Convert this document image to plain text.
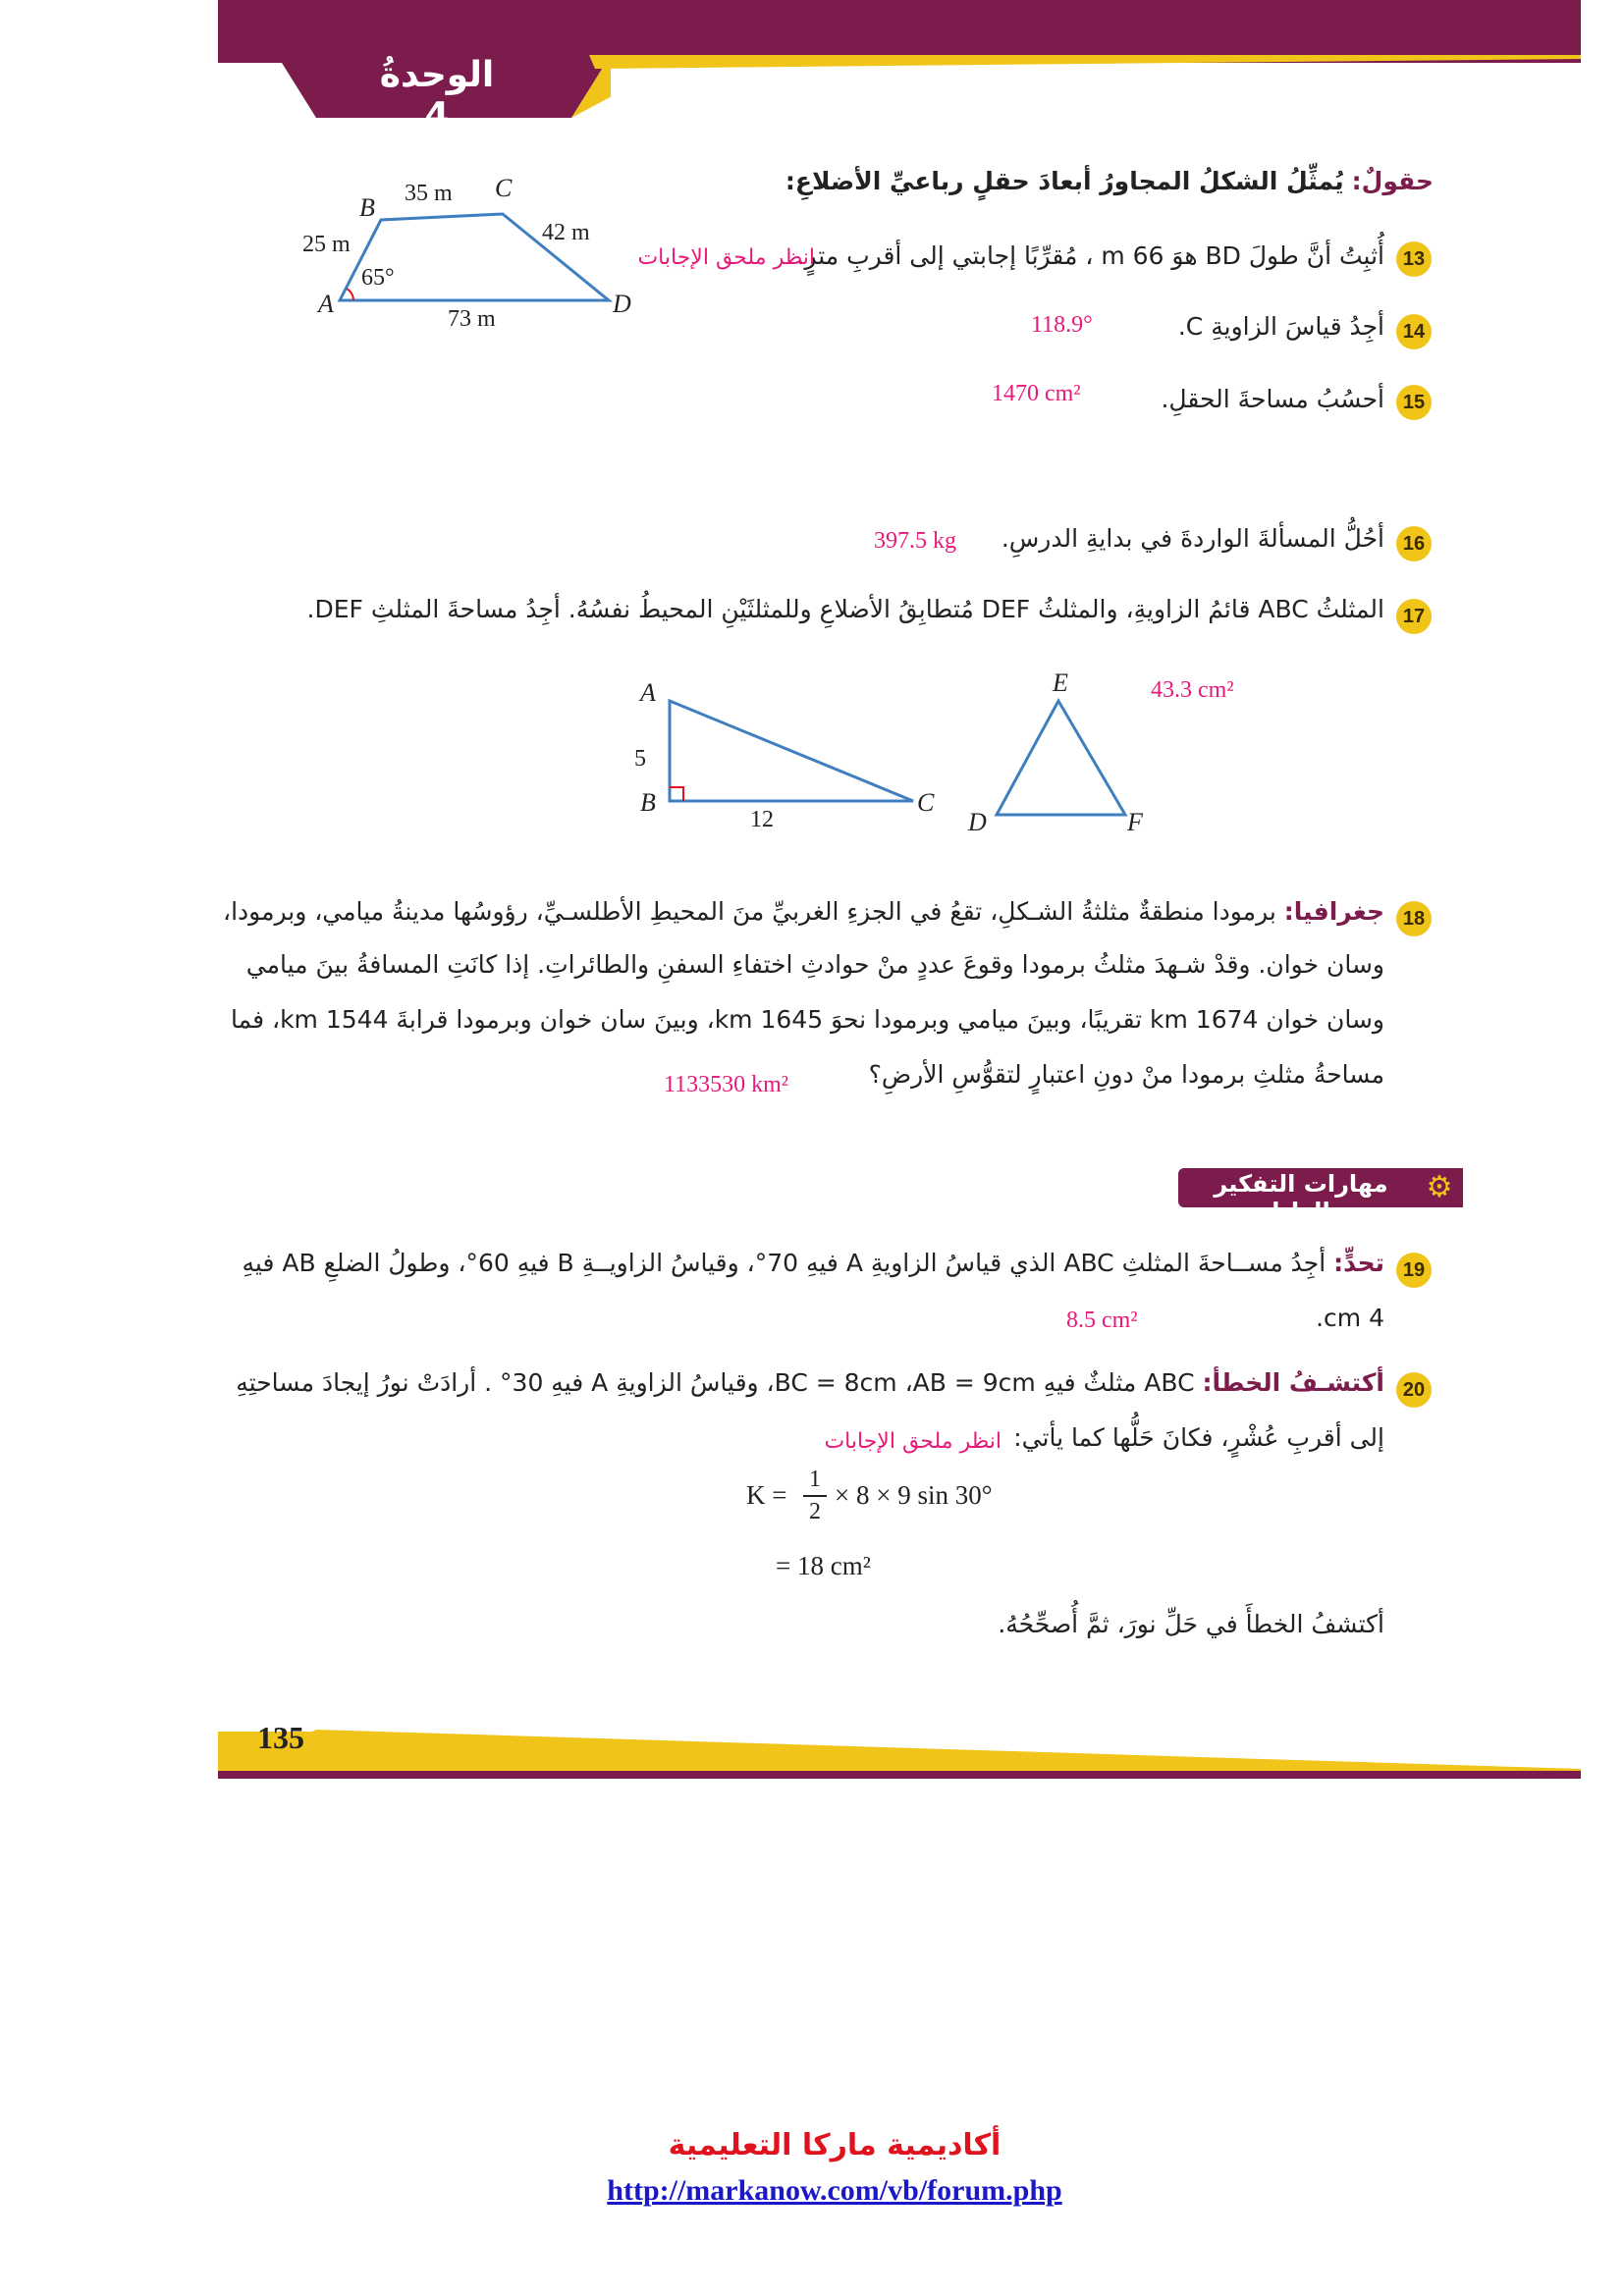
الوحدةُ 4
حقولٌ: يُمثِّلُ الشكلُ المجاورُ أبعادَ حقلٍ رباعيِّ الأضلاعِ:
A
B
C
D
35 m
25 m	42 m
73 m
65°
13
أُثبِتُ أنَّ طولَ BD هوَ 66 m ، مُقرِّبًا إجابتي إلى أقربِ مترٍ.
انظر ملحق الإجابات
14
أجِدُ قياسَ الزاويةِ C.
118.9°
15
أحسُبُ مساحةَ الحقلِ.
1470 cm²
16
أحُلُّ المسألةَ الواردةَ في بدايةِ الدرسِ.
397.5 kg
17
المثلثُ ABC قائمُ الزاويةِ، والمثلثُ DEF مُتطابِقُ الأضلاعِ وللمثلثَيْنِ المحيطُ نفسُهُ. أجِدُ مساحةَ المثلثِ DEF.
43.3 cm²
A
B	C
5
12
E
D	F
18
جغرافيا: برمودا منطقةٌ مثلثةُ الشـكلِ، تقعُ في الجزءِ الغربيِّ منَ المحيطِ الأطلسـيِّ، رؤوسُها مدينةُ ميامي، وبرمودا،
وسان خوان. وقدْ شـهدَ مثلثُ برمودا وقوعَ عددٍ منْ حوادثِ اختفاءِ السفنِ والطائراتِ. إذا كانَتِ المسافةُ بينَ ميامي
وسان خوان 1674 km تقريبًا، وبينَ ميامي وبرمودا نحوَ 1645 km، وبينَ سان خوان وبرمودا قرابةَ 1544 km، فما
مساحةُ مثلثِ برمودا منْ دونِ اعتبارٍ لتقوُّسِ الأرضِ؟
1133530 km²
مهارات التفكير العليا
⚙
19
تحدٍّ: أجِدُ مســاحةَ المثلثِ ABC الذي قياسُ الزاويةِ A فيهِ 70°، وقياسُ الزاويــةِ B فيهِ 60°، وطولُ الضلعِ AB فيهِ
4 cm.
8.5 cm²
20
أكتشـفُ الخطأ: ABC مثلثٌ فيهِ BC = 8cm ،AB = 9cm، وقياسُ الزاويةِ A فيهِ 30° . أرادَتْ نورُ إيجادَ مساحتِهِ
إلى أقربِ عُشْرٍ، فكانَ حَلُّها كما يأتي:
انظر ملحق الإجابات
K =
1
2
× 8 × 9 sin 30°
= 18 cm²
أكتشفُ الخطأَ في حَلِّ نورَ، ثمَّ أُصحِّحُهُ.
135
أكاديمية ماركا التعليمية
http://markanow.com/vb/forum.php
